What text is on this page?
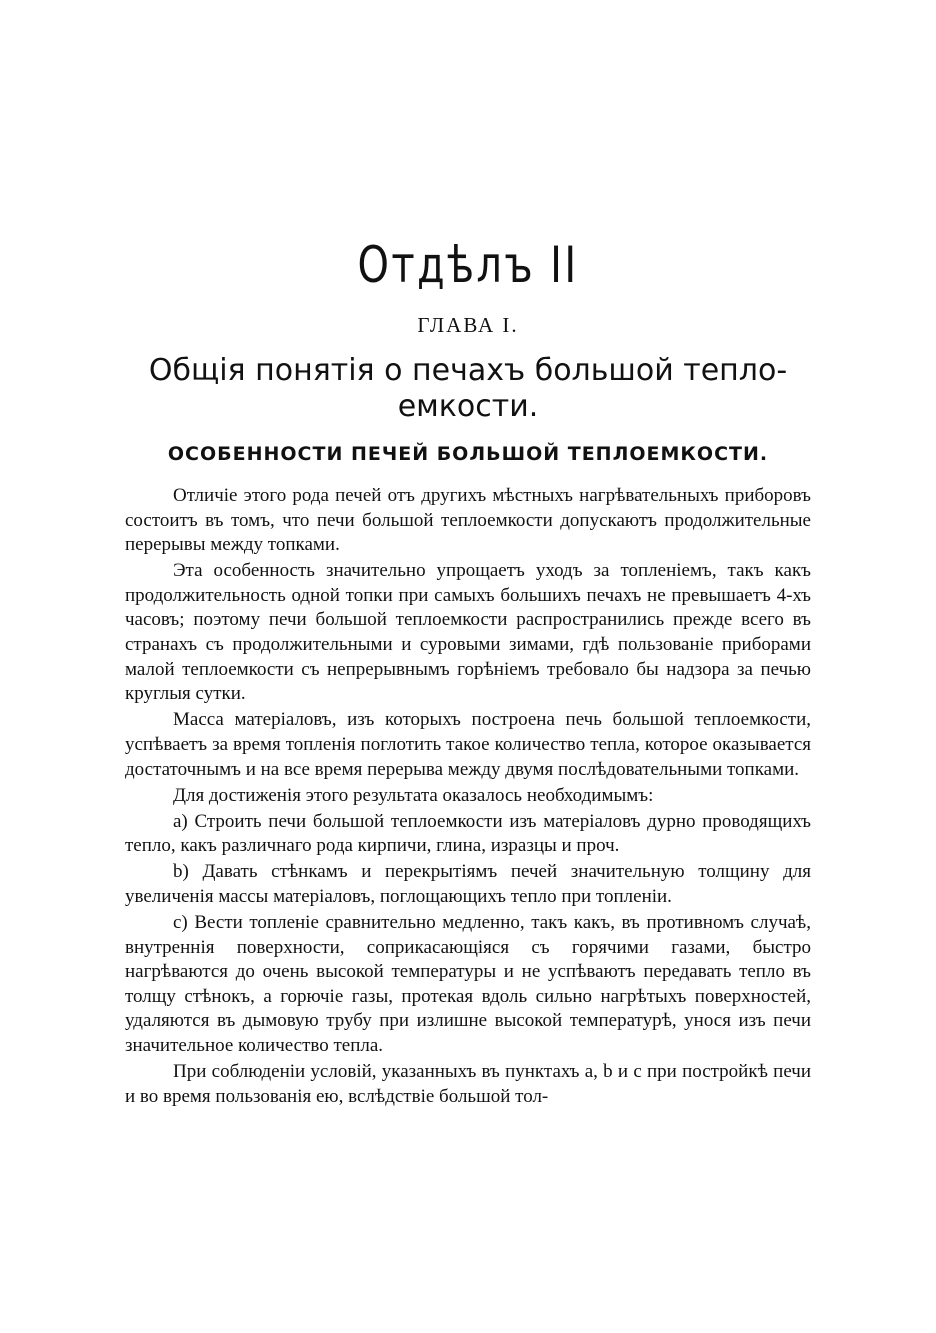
Отдѣлъ II
ГЛАВА I.
Общія понятія о печахъ большой тепло-емкости.
ОСОБЕННОСТИ ПЕЧЕЙ БОЛЬШОЙ ТЕПЛОЕМКОСТИ.

Отличіе этого рода печей отъ другихъ мѣстныхъ нагрѣвательныхъ приборовъ состоитъ въ томъ, что печи большой теплоемкости допускаютъ продолжительные перерывы между топками.

Эта особенность значительно упрощаетъ уходъ за топленіемъ, такъ какъ продолжительность одной топки при самыхъ большихъ печахъ не превышаетъ 4-хъ часовъ; поэтому печи большой теплоемкости распространились прежде всего въ странахъ съ продолжительными и суровыми зимами, гдѣ пользованіе приборами малой теплоемкости съ непрерывнымъ горѣніемъ требовало бы надзора за печью круглыя сутки.

Масса матеріаловъ, изъ которыхъ построена печь большой теплоемкости, успѣваетъ за время топленія поглотить такое количество тепла, которое оказывается достаточнымъ и на все время перерыва между двумя послѣдовательными топками.

Для достиженія этого результата оказалось необходимымъ:

a) Строить печи большой теплоемкости изъ матеріаловъ дурно проводящихъ тепло, какъ различнаго рода кирпичи, глина, изразцы и проч.

b) Давать стѣнкамъ и перекрытіямъ печей значительную толщину для увеличенія массы матеріаловъ, поглощающихъ тепло при топленіи.

c) Вести топленіе сравнительно медленно, такъ какъ, въ противномъ случаѣ, внутреннія поверхности, соприкасающіяся съ горячими газами, быстро нагрѣваются до очень высокой температуры и не успѣваютъ передавать тепло въ толщу стѣнокъ, а горючіе газы, протекая вдоль сильно нагрѣтыхъ поверхностей, удаляются въ дымовую трубу при излишне высокой температурѣ, унося изъ печи значительное количество тепла.

При соблюденіи условій, указанныхъ въ пунктахъ a, b и c при постройкѣ печи и во время пользованія ею, вслѣдствіе большой тол-
